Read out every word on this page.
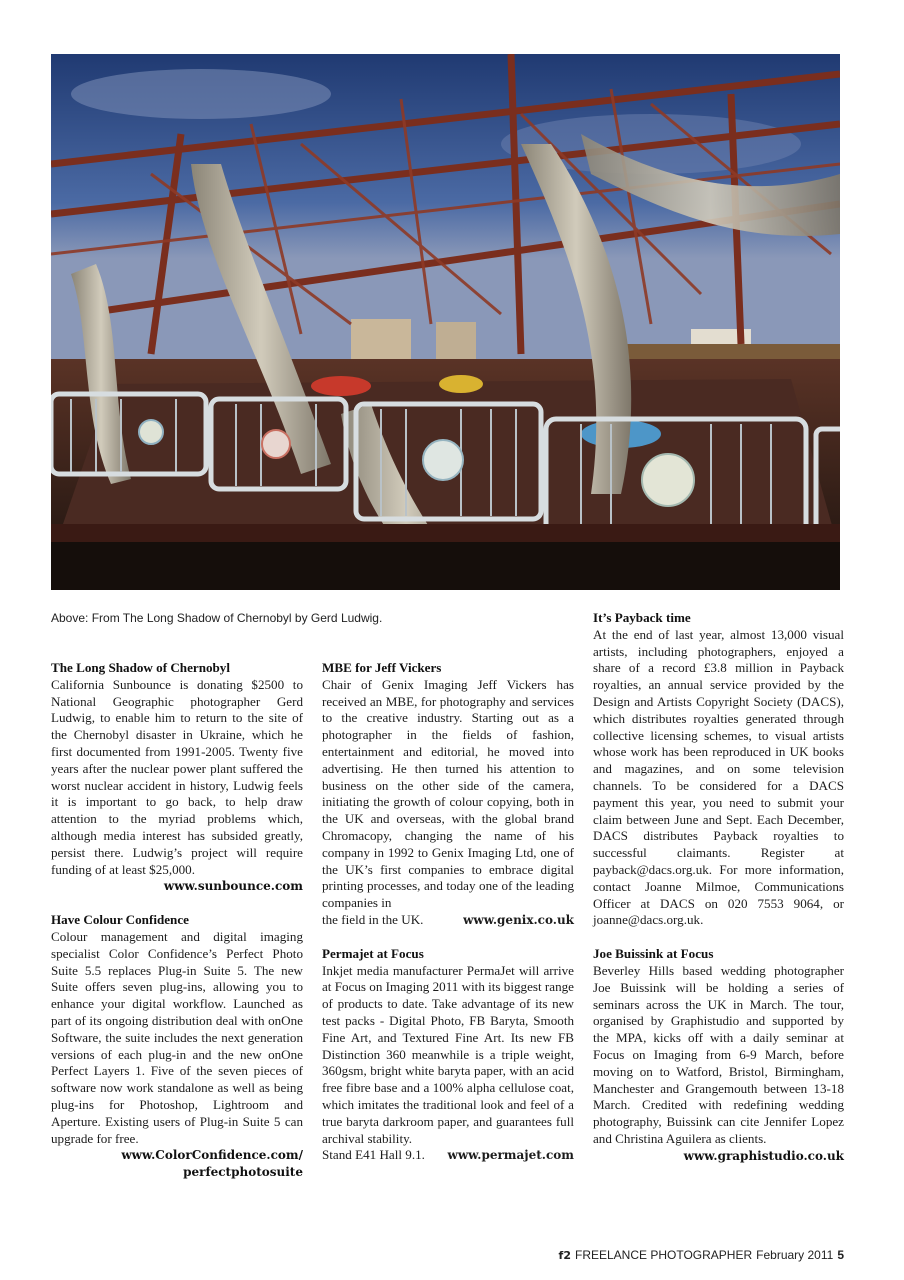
Above: From The Long Shadow of Chernobyl by Gerd Ludwig.
The Long Shadow of Chernobyl

California Sunbounce is donating $2500 to National Geographic photographer Gerd Ludwig, to enable him to return to the site of the Chernobyl disaster in Ukraine, which he first documented from 1991-2005. Twenty five years after the nuclear power plant suffered the worst nuclear accident in history, Ludwig feels it is important to go back, to help draw attention to the myriad problems which, although media interest has subsided greatly, persist there. Ludwig’s project will require funding of at least $25,000.

www.sunbounce.com
Have Colour Confidence

Colour management and digital imaging specialist Color Confidence’s Perfect Photo Suite 5.5 replaces Plug-in Suite 5. The new Suite offers seven plug-ins, allowing you to enhance your digital workflow. Launched as part of its ongoing distribution deal with onOne Software, the suite includes the next generation versions of each plug-in and the new onOne Perfect Layers 1. Five of the seven pieces of software now work standalone as well as being plug-ins for Photoshop, Lightroom and Aperture. Existing users of Plug-in Suite 5 can upgrade for free.

www.ColorConfidence.com/
perfectphotosuite
MBE for Jeff Vickers

Chair of Genix Imaging Jeff Vickers has received an MBE, for photography and services to the creative industry. Starting out as a photographer in the fields of fashion, entertainment and editorial, he moved into advertising. He then turned his attention to business on the other side of the camera, initiating the growth of colour copying, both in the UK and overseas, with the global brand Chromacopy, changing the name of his company in 1992 to Genix Imaging Ltd, one of the UK’s first companies to embrace digital printing processes, and today one of the leading companies in

the field in the UK.	www.genix.co.uk
Permajet at Focus

Inkjet media manufacturer PermaJet will arrive at Focus on Imaging 2011 with its biggest range of products to date. Take advantage of its new test packs - Digital Photo, FB Baryta, Smooth Fine Art, and Textured Fine Art. Its new FB Distinction 360 meanwhile is a triple weight, 360gsm, bright white baryta paper, with an acid free fibre base and a 100% alpha cellulose coat, which imitates the traditional look and feel of a true baryta darkroom paper, and guarantees full archival stability.

Stand E41 Hall 9.1. www.permajet.com
It’s Payback time

At the end of last year, almost 13,000 visual artists, including photographers, enjoyed a share of a record £3.8 million in Payback royalties, an annual service provided by the Design and Artists Copyright Society (DACS), which distributes royalties generated through collective licensing schemes, to visual artists whose work has been reproduced in UK books and magazines, and on some television channels. To be considered for a DACS payment this year, you need to submit your claim between June and Sept. Each December, DACS distributes Payback royalties to successful claimants. Register at payback@dacs.org.uk. For more information, contact Joanne Milmoe, Communications Officer at DACS on 020 7553 9064, or joanne@dacs.org.uk.

Joe Buissink at Focus

Beverley Hills based wedding photographer Joe Buissink will be holding a series of seminars across the UK in March. The tour, organised by Graphistudio and supported by the MPA, kicks off with a daily seminar at Focus on Imaging from 6-9 March, before moving on to Watford, Bristol, Birmingham, Manchester and Grangemouth between 13-18 March. Credited with redefining wedding photography, Buissink can cite Jennifer Lopez and Christina Aguilera as clients.

www.graphistudio.co.uk
f2 FREELANCE PHOTOGRAPHER February 2011 5
